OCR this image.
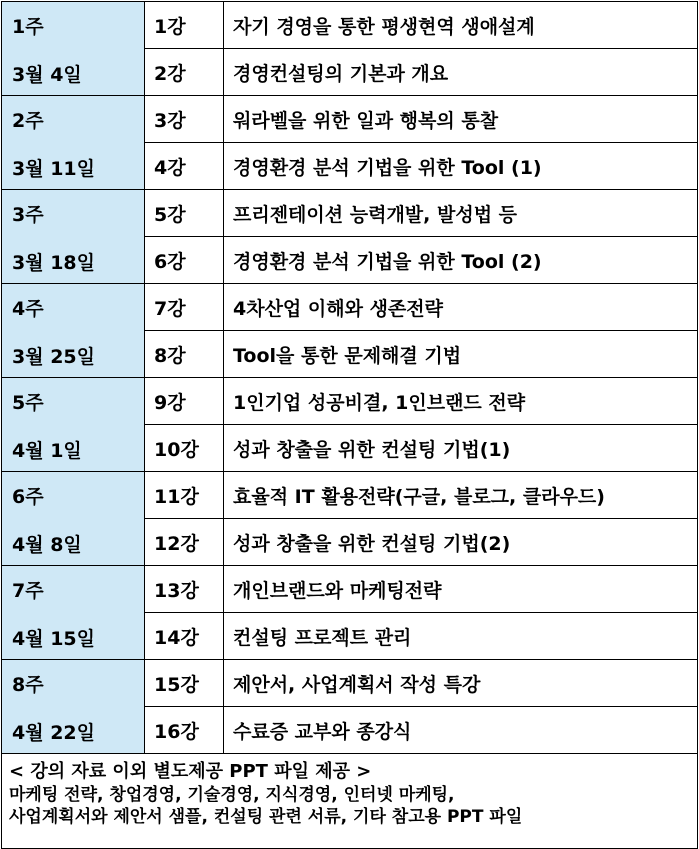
1주
3월 4일	1강	자기 경영을 통한 평생현역 생애설계
	2강	경영컨설팅의 기본과 개요

2주
3월 11일	3강	워라벨을 위한 일과 행복의 통찰
	4강	경영환경 분석 기법을 위한 Tool (1)

3주
3월 18일	5강	프리젠테이션 능력개발, 발성법 등
	6강	경영환경 분석 기법을 위한 Tool (2)

4주
3월 25일	7강	4차산업 이해와 생존전략
	8강	Tool을 통한 문제해결 기법

5주
4월 1일	9강	1인기업 성공비결, 1인브랜드 전략
	10강	성과 창출을 위한 컨설팅 기법(1)

6주
4월 8일	11강	효율적 IT 활용전략(구글, 블로그, 클라우드)
	12강	성과 창출을 위한 컨설팅 기법(2)

7주
4월 15일	13강	개인브랜드와 마케팅전략
	14강	컨설팅 프로젝트 관리

8주
4월 22일	15강	제안서, 사업계획서 작성 특강
	16강	수료증 교부와 종강식

< 강의 자료 이외 별도제공 PPT 파일 제공 >
마케팅 전략, 창업경영, 기술경영, 지식경영, 인터넷 마케팅,
사업계획서와 제안서 샘플, 컨설팅 관련 서류, 기타 참고용 PPT 파일		
